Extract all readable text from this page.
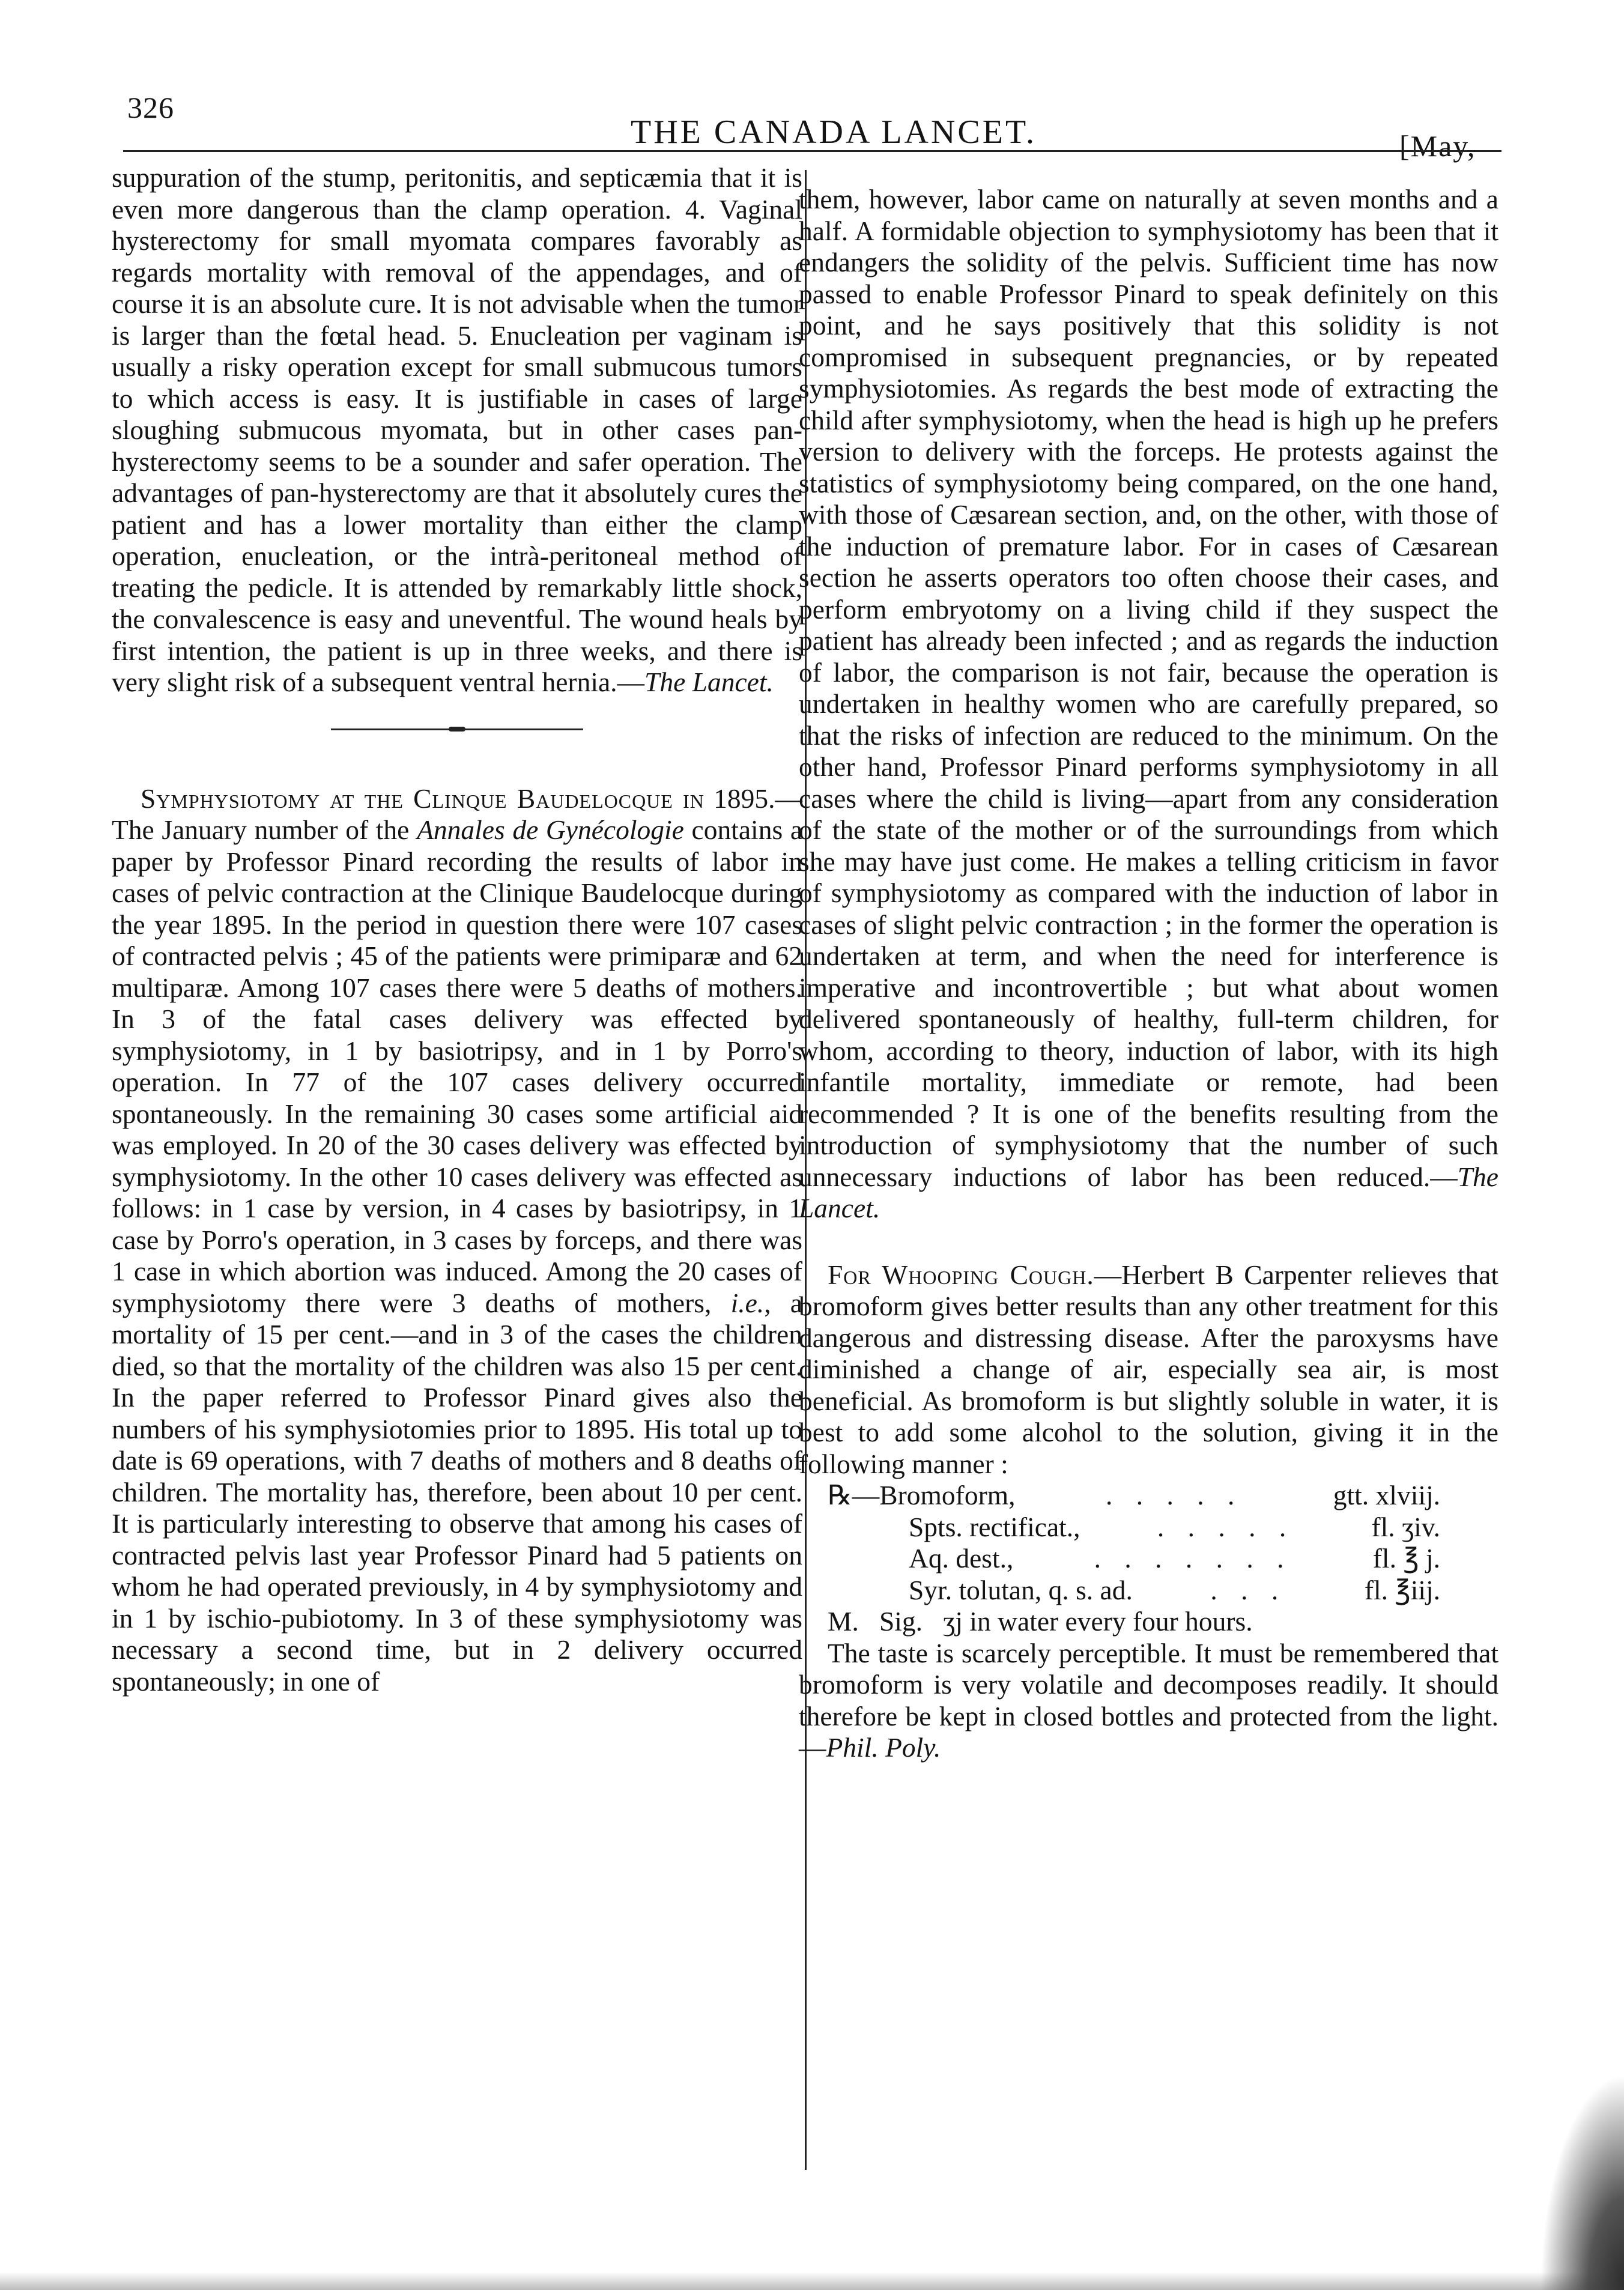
326
THE CANADA LANCET.	[May,

suppuration of the stump, peritonitis, and septicæmia that it is even more dangerous than the clamp operation. 4. Vaginal hysterectomy for small myomata compares favorably as regards mortality with removal of the appendages, and of course it is an absolute cure. It is not advisable when the tumor is larger than the fœtal head. 5. Enucleation per vaginam is usually a risky operation except for small submucous tumors to which access is easy. It is justifiable in cases of large sloughing submucous myomata, but in other cases pan-hysterectomy seems to be a sounder and safer operation. The advantages of pan-hysterectomy are that it absolutely cures the patient and has a lower mortality than either the clamp operation, enucleation, or the intrà-peritoneal method of treating the pedicle. It is attended by remarkably little shock, the convalescence is easy and uneventful. The wound heals by first intention, the patient is up in three weeks, and there is very slight risk of a subsequent ventral hernia.—The Lancet.

Symphysiotomy at the Clinque Baudelocque in 1895.—The January number of the Annales de Gynécologie contains a paper by Professor Pinard recording the results of labor in cases of pelvic contraction at the Clinique Baudelocque during the year 1895. In the period in question there were 107 cases of contracted pelvis ; 45 of the patients were primiparæ and 62 multiparæ. Among 107 cases there were 5 deaths of mothers. In 3 of the fatal cases delivery was effected by symphysiotomy, in 1 by basiotripsy, and in 1 by Porro's operation. In 77 of the 107 cases delivery occurred spontaneously. In the remaining 30 cases some artificial aid was employed. In 20 of the 30 cases delivery was effected by symphysiotomy. In the other 10 cases delivery was effected as follows: in 1 case by version, in 4 cases by basiotripsy, in 1 case by Porro's operation, in 3 cases by forceps, and there was 1 case in which abortion was induced. Among the 20 cases of symphysiotomy there were 3 deaths of mothers, i.e., a mortality of 15 per cent.—and in 3 of the cases the children died, so that the mortality of the children was also 15 per cent. In the paper referred to Professor Pinard gives also the numbers of his symphysiotomies prior to 1895. His total up to date is 69 operations, with 7 deaths of mothers and 8 deaths of children. The mortality has, therefore, been about 10 per cent. It is particularly interesting to observe that among his cases of contracted pelvis last year Professor Pinard had 5 patients on whom he had operated previously, in 4 by symphysiotomy and in 1 by ischio-pubiotomy. In 3 of these symphysiotomy was necessary a second time, but in 2 delivery occurred spontaneously; in one of

them, however, labor came on naturally at seven months and a half. A formidable objection to symphysiotomy has been that it endangers the solidity of the pelvis. Sufficient time has now passed to enable Professor Pinard to speak definitely on this point, and he says positively that this solidity is not compromised in subsequent pregnancies, or by repeated symphysiotomies. As regards the best mode of extracting the child after symphysiotomy, when the head is high up he prefers version to delivery with the forceps. He protests against the statistics of symphysiotomy being compared, on the one hand, with those of Cæsarean section, and, on the other, with those of the induction of premature labor. For in cases of Cæsarean section he asserts operators too often choose their cases, and perform embryotomy on a living child if they suspect the patient has already been infected ; and as regards the induction of labor, the comparison is not fair, because the operation is undertaken in healthy women who are carefully prepared, so that the risks of infection are reduced to the minimum. On the other hand, Professor Pinard performs symphysiotomy in all cases where the child is living—apart from any consideration of the state of the mother or of the surroundings from which she may have just come. He makes a telling criticism in favor of symphysiotomy as compared with the induction of labor in cases of slight pelvic contraction ; in the former the operation is undertaken at term, and when the need for interference is imperative and incontrovertible ; but what about women delivered spontaneously of healthy, full-term children, for whom, according to theory, induction of labor, with its high infantile mortality, immediate or remote, had been recommended ? It is one of the benefits resulting from the introduction of symphysiotomy that the number of such unnecessary inductions of labor has been reduced.—The Lancet.

For Whooping Cough.—Herbert B Carpenter relieves that bromoform gives better results than any other treatment for this dangerous and distressing disease. After the paroxysms have diminished a change of air, especially sea air, is most beneficial. As bromoform is but slightly soluble in water, it is best to add some alcohol to the solution, giving it in the following manner :

℞—Bromoform,	. . . . .	gtt. xlviij.
Spts. rectificat.,	. . . . .	fl. ʒiv.
Aq. dest.,	. . . . . . .	fl. ℥ j.
Syr. tolutan, q. s. ad.	. . .	fl. ℥iij.
M.   Sig.   ʒj in water every four hours.

The taste is scarcely perceptible. It must be remembered that bromoform is very volatile and decomposes readily. It should therefore be kept in closed bottles and protected from the light.—Phil. Poly.
